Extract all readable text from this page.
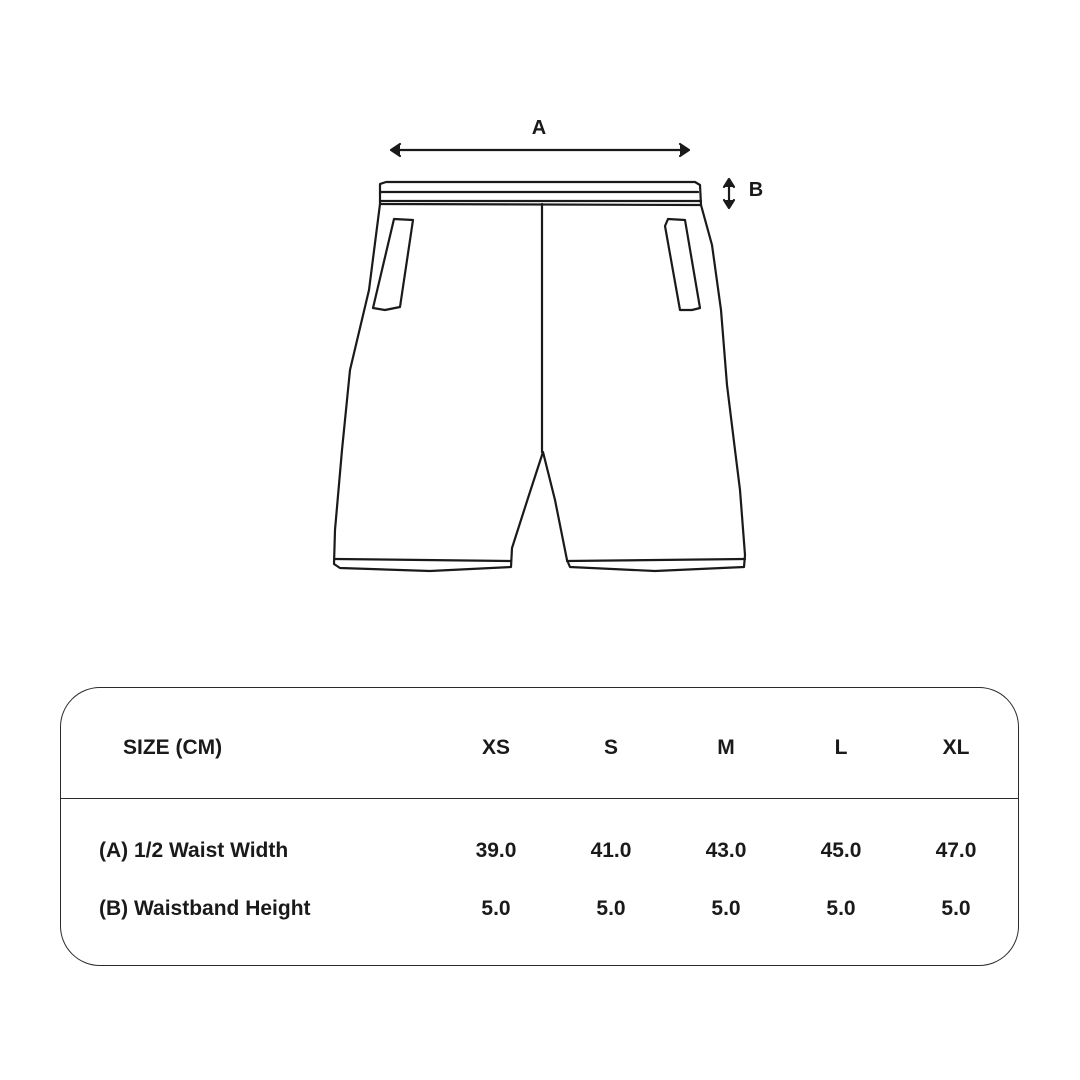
A
B
SIZE (CM)	XS	S	M	L	XL
(A) 1/2 Waist Width	39.0	41.0	43.0	45.0	47.0
(B) Waistband Height	5.0	5.0	5.0	5.0	5.0
